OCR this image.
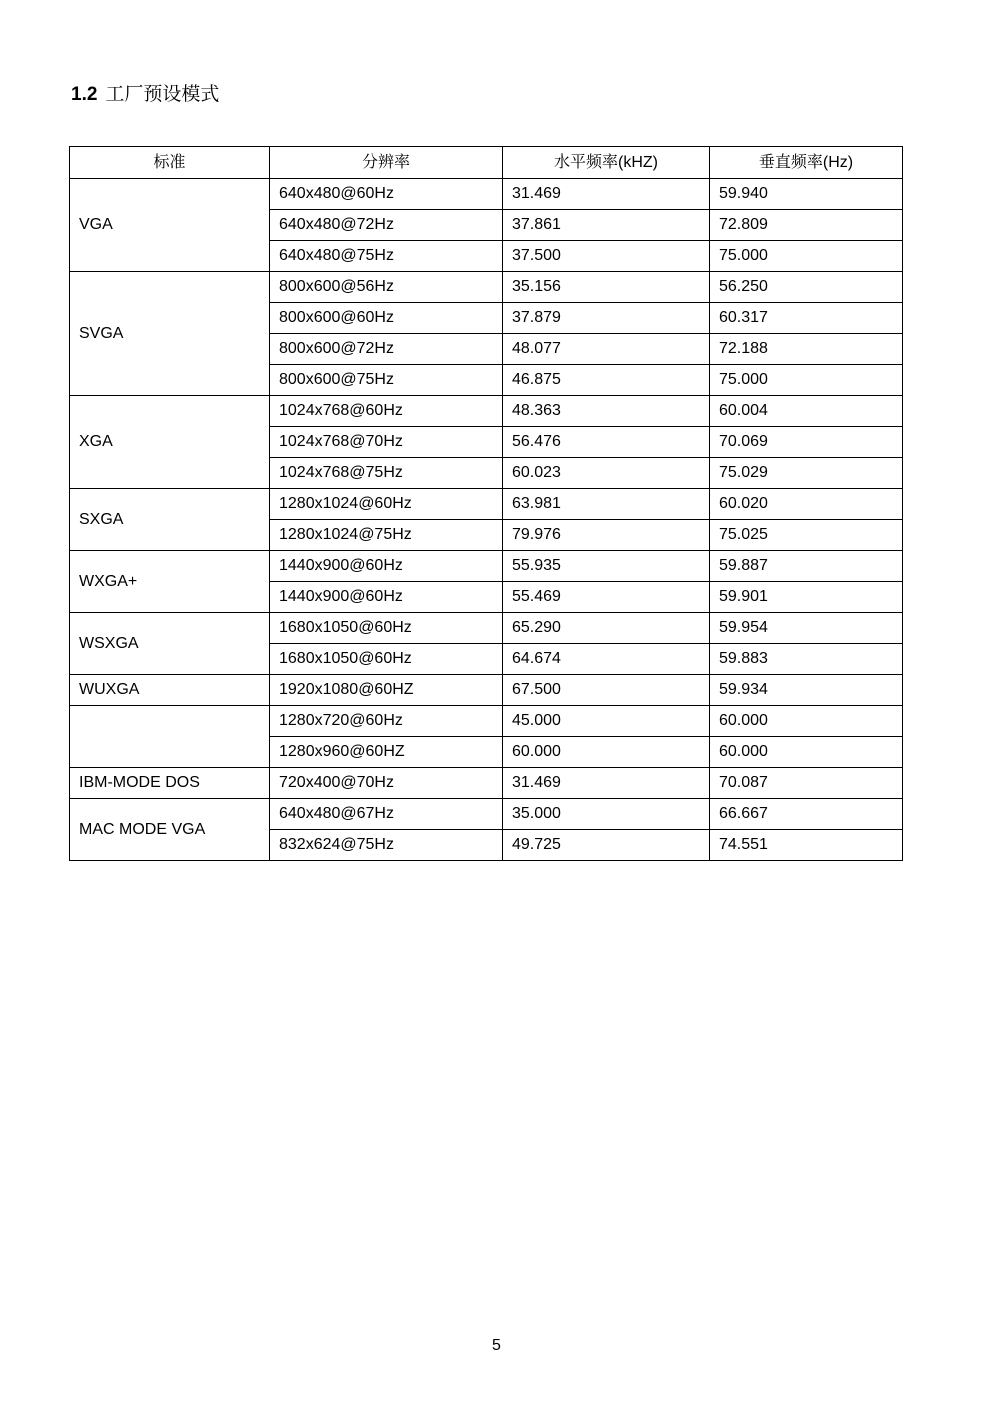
1.2 工厂预设模式
标准	分辨率	水平频率(kHZ)	垂直频率(Hz)
VGA	640x480@60Hz	31.469	59.940
	640x480@72Hz	37.861	72.809
	640x480@75Hz	37.500	75.000
SVGA	800x600@56Hz	35.156	56.250
	800x600@60Hz	37.879	60.317
	800x600@72Hz	48.077	72.188
	800x600@75Hz	46.875	75.000
XGA	1024x768@60Hz	48.363	60.004
	1024x768@70Hz	56.476	70.069
	1024x768@75Hz	60.023	75.029
SXGA	1280x1024@60Hz	63.981	60.020
	1280x1024@75Hz	79.976	75.025
WXGA+	1440x900@60Hz	55.935	59.887
	1440x900@60Hz	55.469	59.901
WSXGA	1680x1050@60Hz	65.290	59.954
	1680x1050@60Hz	64.674	59.883
WUXGA	1920x1080@60HZ	67.500	59.934
	1280x720@60Hz	45.000	60.000
	1280x960@60HZ	60.000	60.000
IBM-MODE DOS	720x400@70Hz	31.469	70.087
MAC MODE VGA	640x480@67Hz	35.000	66.667
	832x624@75Hz	49.725	74.551
5
